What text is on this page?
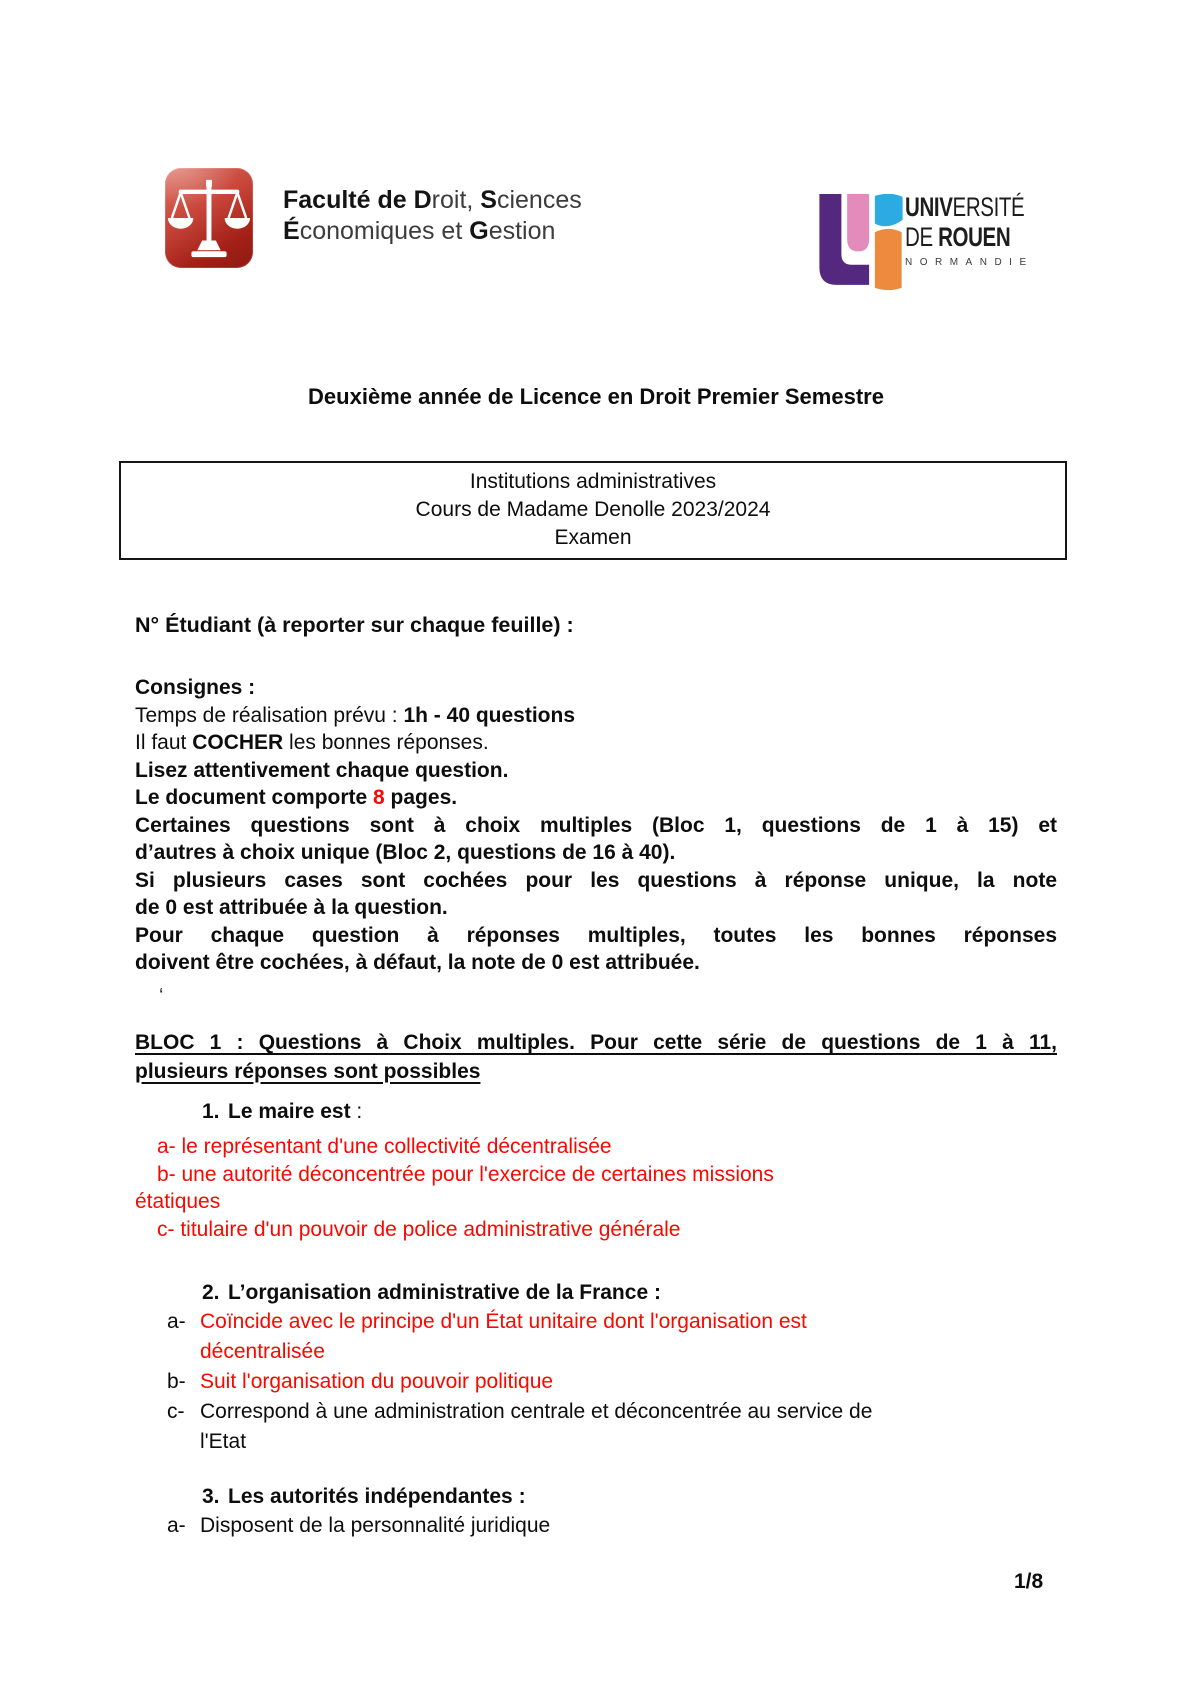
Faculté de Droit, Sciences
Économiques et Gestion
UNIVERSITÉ
DE ROUEN
NORMANDIE
Deuxième année de Licence en Droit Premier Semestre
Institutions administratives
Cours de Madame Denolle 2023/2024
Examen
N° Étudiant (à reporter sur chaque feuille) :
Consignes :
Temps de réalisation prévu : 1h - 40 questions
Il faut COCHER les bonnes réponses.
Lisez attentivement chaque question.
Le document comporte 8 pages.
Certaines questions sont à choix multiples (Bloc 1, questions de 1 à 15) et
d’autres à choix unique (Bloc 2, questions de 16 à 40).
Si plusieurs cases sont cochées pour les questions à réponse unique, la note
de 0 est attribuée à la question.
Pour chaque question à réponses multiples, toutes les bonnes réponses
doivent être cochées, à défaut, la note de 0 est attribuée.
‘
BLOC 1 : Questions à Choix multiples. Pour cette série de questions de 1 à 11,
plusieurs réponses sont possibles
1. Le maire est :
a- le représentant d'une collectivité décentralisée
b- une autorité déconcentrée pour l'exercice de certaines missions
étatiques
c- titulaire d'un pouvoir de police administrative générale
2. L’organisation administrative de la France :
a- Coïncide avec le principe d'un État unitaire dont l'organisation est
décentralisée
b- Suit l'organisation du pouvoir politique
c- Correspond à une administration centrale et déconcentrée au service de
l'Etat
3. Les autorités indépendantes :
a- Disposent de la personnalité juridique
1/8
